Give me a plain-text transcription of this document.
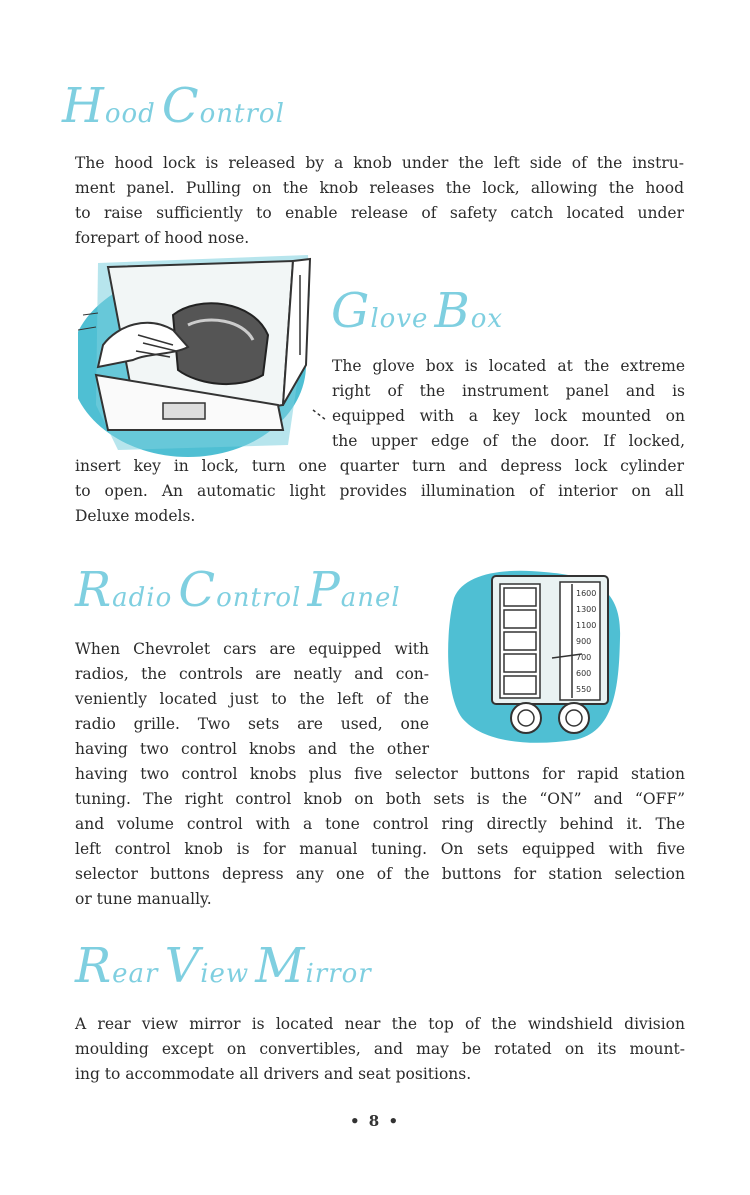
Hood Control
The hood lock is released by a knob under the left side of the instru-
ment panel. Pulling on the knob releases the lock, allowing the hood
to raise sufficiently to enable release of safety catch located under
forepart of hood nose.
Glove Box
The glove box is located at the extreme
right of the instrument panel and is
equipped with a key lock mounted on
the upper edge of the door. If locked,
insert key in lock, turn one quarter turn and depress lock cylinder
to open. An automatic light provides illumination of interior on all
Deluxe models.
Radio Control Panel	1600
1300
1100
900
700
600
550
When Chevrolet cars are equipped with
radios, the controls are neatly and con-
veniently located just to the left of the
radio grille. Two sets are used, one
having two control knobs and the other
having two control knobs plus five selector buttons for rapid station
tuning. The right control knob on both sets is the “ON” and “OFF”
and volume control with a tone control ring directly behind it. The
left control knob is for manual tuning. On sets equipped with five
selector buttons depress any one of the buttons for station selection
or tune manually.
Rear View Mirror
A rear view mirror is located near the top of the windshield division
moulding except on convertibles, and may be rotated on its mount-
ing to accommodate all drivers and seat positions.
• 8 •
